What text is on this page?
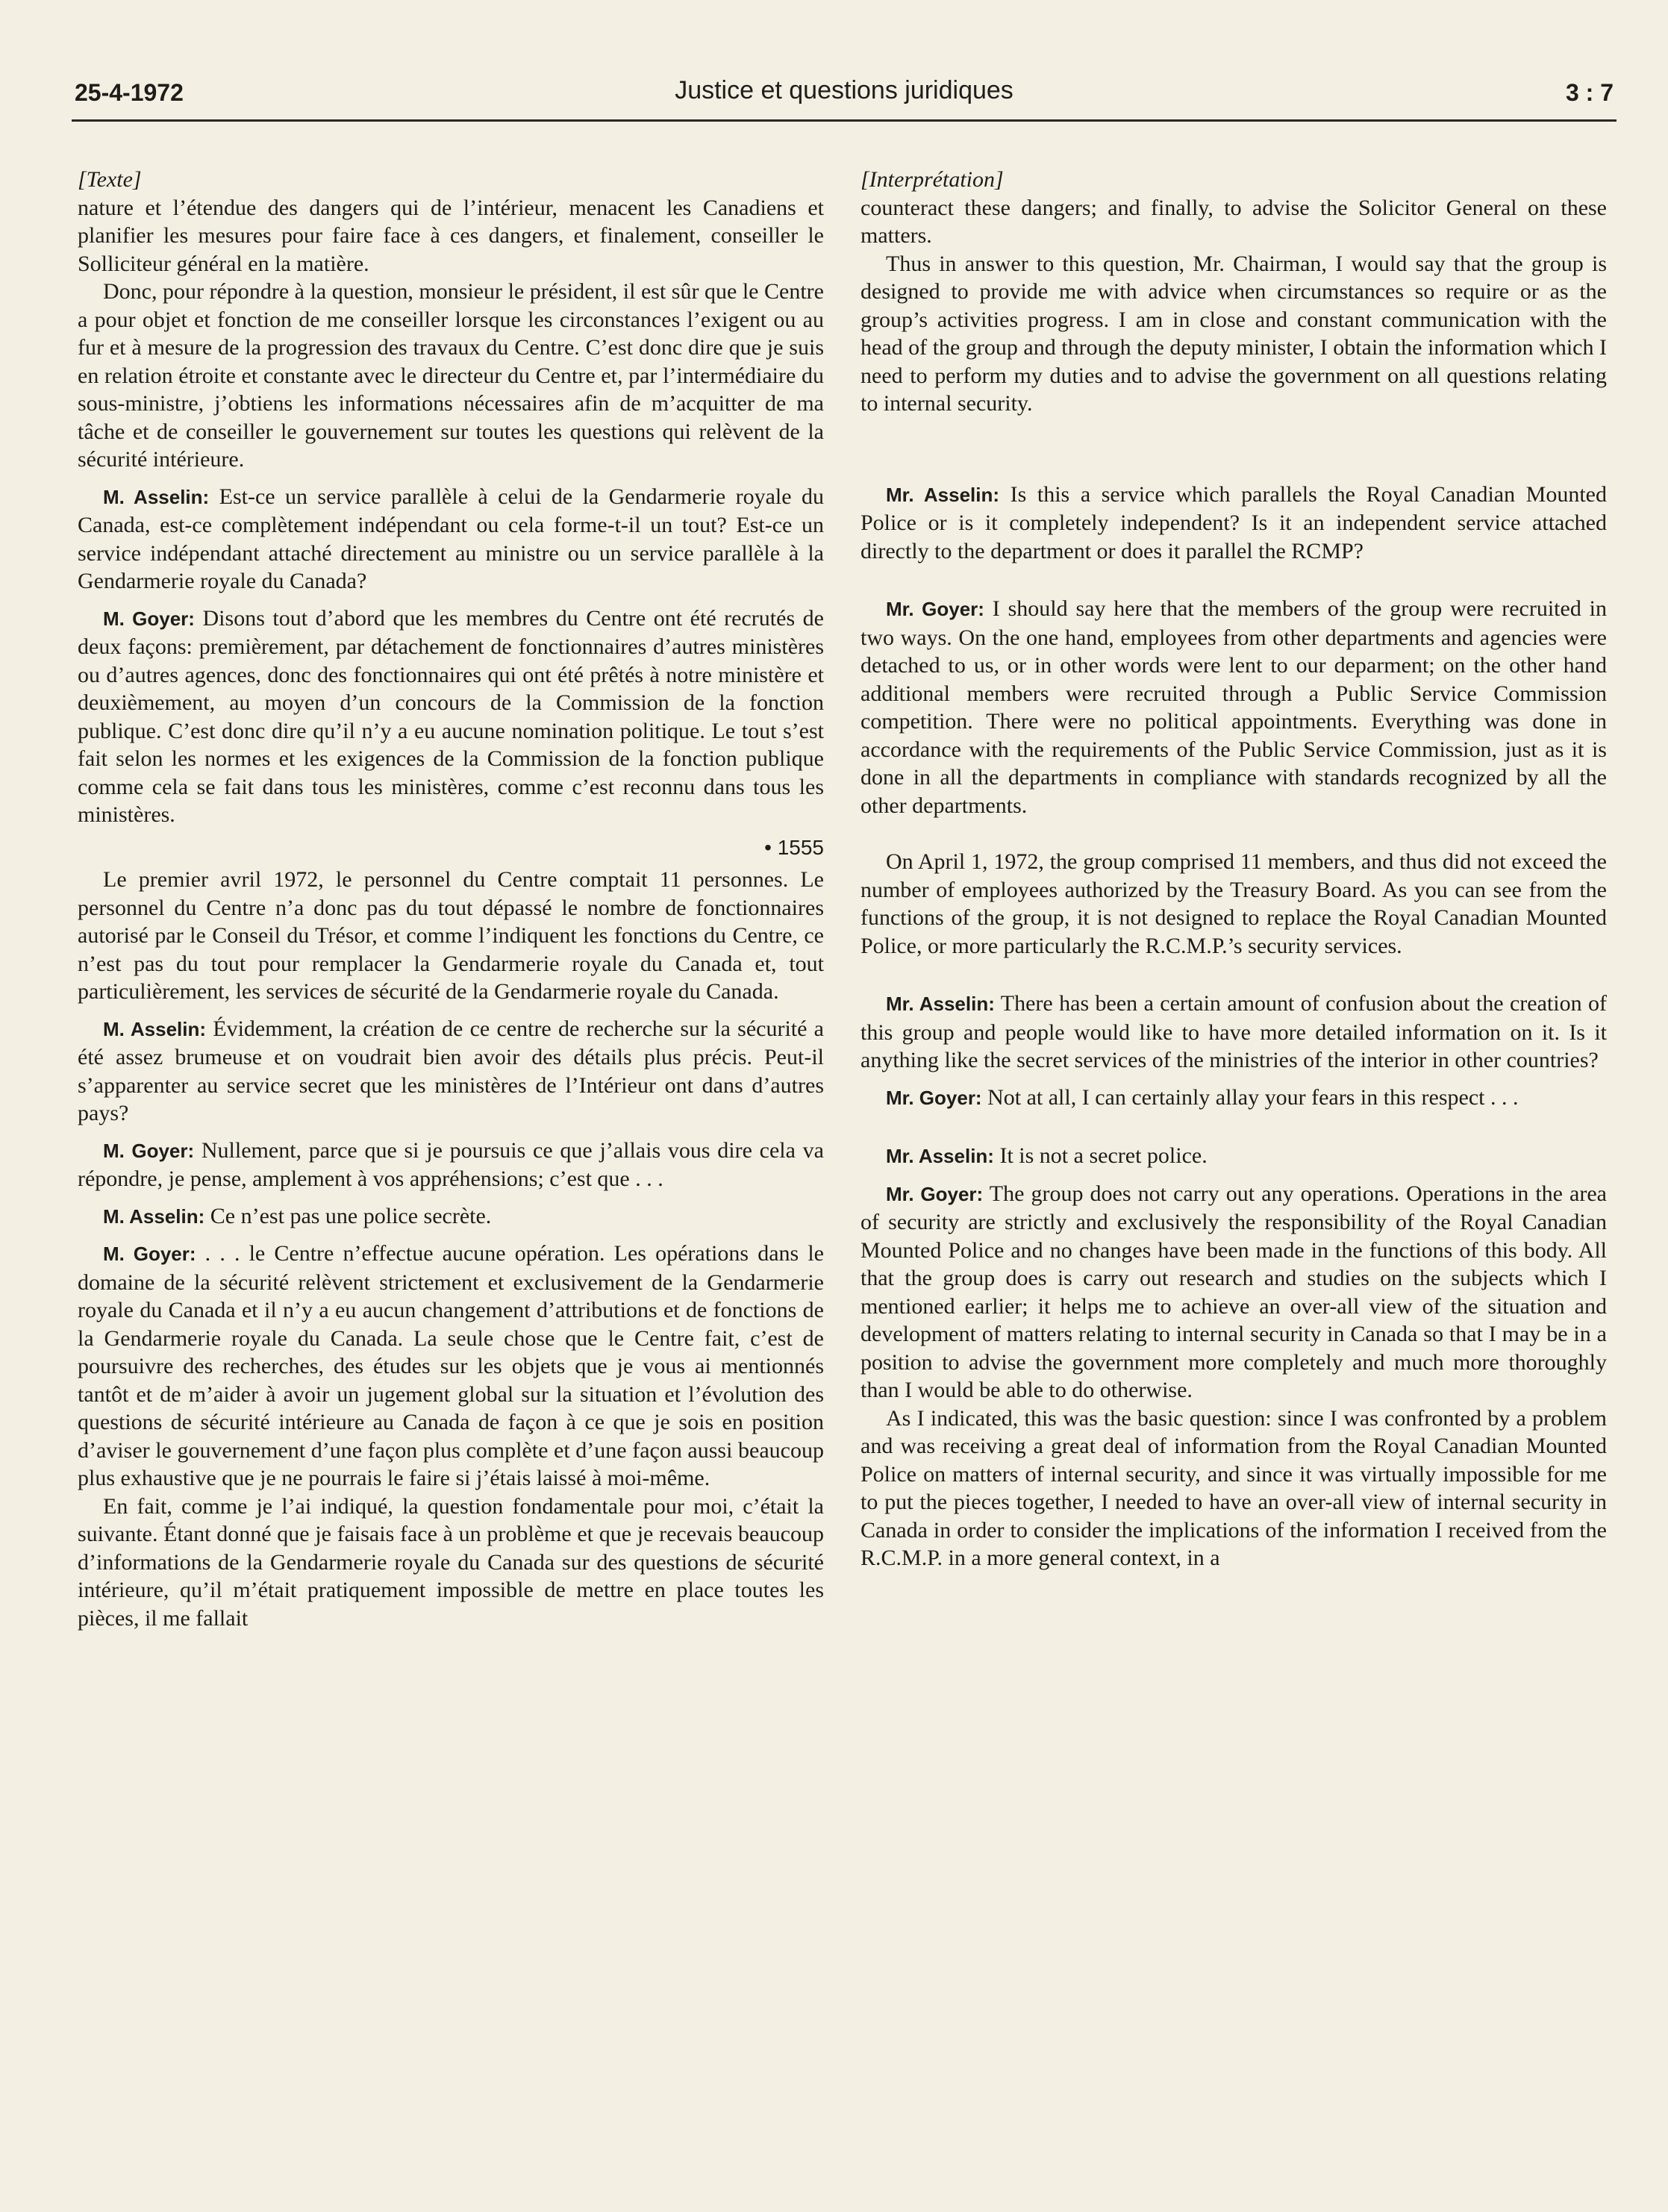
25-4-1972	Justice et questions juridiques	3 : 7
[Texte]

nature et l’étendue des dangers qui de l’intérieur, menacent les Canadiens et planifier les mesures pour faire face à ces dangers, et finalement, conseiller le Solliciteur général en la matière.

Donc, pour répondre à la question, monsieur le président, il est sûr que le Centre a pour objet et fonction de me conseiller lorsque les circonstances l’exigent ou au fur et à mesure de la progression des travaux du Centre. C’est donc dire que je suis en relation étroite et constante avec le directeur du Centre et, par l’intermédiaire du sous-ministre, j’obtiens les informations nécessaires afin de m’acquitter de ma tâche et de conseiller le gouvernement sur toutes les questions qui relèvent de la sécurité intérieure.

M. Asselin: Est-ce un service parallèle à celui de la Gendarmerie royale du Canada, est-ce complètement indépendant ou cela forme-t-il un tout? Est-ce un service indépendant attaché directement au ministre ou un service parallèle à la Gendarmerie royale du Canada?

M. Goyer: Disons tout d’abord que les membres du Centre ont été recrutés de deux façons: premièrement, par détachement de fonctionnaires d’autres ministères ou d’autres agences, donc des fonctionnaires qui ont été prêtés à notre ministère et deuxièmement, au moyen d’un concours de la Commission de la fonction publique. C’est donc dire qu’il n’y a eu aucune nomination politique. Le tout s’est fait selon les normes et les exigences de la Commission de la fonction publique comme cela se fait dans tous les ministères, comme c’est reconnu dans tous les ministères.

• 1555

Le premier avril 1972, le personnel du Centre comptait 11 personnes. Le personnel du Centre n’a donc pas du tout dépassé le nombre de fonctionnaires autorisé par le Conseil du Trésor, et comme l’indiquent les fonctions du Centre, ce n’est pas du tout pour remplacer la Gendarmerie royale du Canada et, tout particulièrement, les services de sécurité de la Gendarmerie royale du Canada.

M. Asselin: Évidemment, la création de ce centre de recherche sur la sécurité a été assez brumeuse et on voudrait bien avoir des détails plus précis. Peut-il s’apparenter au service secret que les ministères de l’Intérieur ont dans d’autres pays?

M. Goyer: Nullement, parce que si je poursuis ce que j’allais vous dire cela va répondre, je pense, amplement à vos appréhensions; c’est que . . .

M. Asselin: Ce n’est pas une police secrète.

M. Goyer: . . . le Centre n’effectue aucune opération. Les opérations dans le domaine de la sécurité relèvent strictement et exclusivement de la Gendarmerie royale du Canada et il n’y a eu aucun changement d’attributions et de fonctions de la Gendarmerie royale du Canada. La seule chose que le Centre fait, c’est de poursuivre des recherches, des études sur les objets que je vous ai mentionnés tantôt et de m’aider à avoir un jugement global sur la situation et l’évolution des questions de sécurité intérieure au Canada de façon à ce que je sois en position d’aviser le gouvernement d’une façon plus complète et d’une façon aussi beaucoup plus exhaustive que je ne pourrais le faire si j’étais laissé à moi-même.

En fait, comme je l’ai indiqué, la question fondamentale pour moi, c’était la suivante. Étant donné que je faisais face à un problème et que je recevais beaucoup d’informations de la Gendarmerie royale du Canada sur des questions de sécurité intérieure, qu’il m’était pratiquement impossible de mettre en place toutes les pièces, il me fallait

[Interprétation]

counteract these dangers; and finally, to advise the Solicitor General on these matters.

Thus in answer to this question, Mr. Chairman, I would say that the group is designed to provide me with advice when circumstances so require or as the group’s activities progress. I am in close and constant communication with the head of the group and through the deputy minister, I obtain the information which I need to perform my duties and to advise the government on all questions relating to internal security.

Mr. Asselin: Is this a service which parallels the Royal Canadian Mounted Police or is it completely independent? Is it an independent service attached directly to the department or does it parallel the RCMP?

Mr. Goyer: I should say here that the members of the group were recruited in two ways. On the one hand, employees from other departments and agencies were detached to us, or in other words were lent to our deparment; on the other hand additional members were recruited through a Public Service Commission competition. There were no political appointments. Everything was done in accordance with the requirements of the Public Service Commission, just as it is done in all the departments in compliance with standards recognized by all the other departments.

On April 1, 1972, the group comprised 11 members, and thus did not exceed the number of employees authorized by the Treasury Board. As you can see from the functions of the group, it is not designed to replace the Royal Canadian Mounted Police, or more particularly the R.C.M.P.’s security services.

Mr. Asselin: There has been a certain amount of confusion about the creation of this group and people would like to have more detailed information on it. Is it anything like the secret services of the ministries of the interior in other countries?

Mr. Goyer: Not at all, I can certainly allay your fears in this respect . . .

Mr. Asselin: It is not a secret police.

Mr. Goyer: The group does not carry out any operations. Operations in the area of security are strictly and exclusively the responsibility of the Royal Canadian Mounted Police and no changes have been made in the functions of this body. All that the group does is carry out research and studies on the subjects which I mentioned earlier; it helps me to achieve an over-all view of the situation and development of matters relating to internal security in Canada so that I may be in a position to advise the government more completely and much more thoroughly than I would be able to do otherwise.

As I indicated, this was the basic question: since I was confronted by a problem and was receiving a great deal of information from the Royal Canadian Mounted Police on matters of internal security, and since it was virtually impossible for me to put the pieces together, I needed to have an over-all view of internal security in Canada in order to consider the implications of the information I received from the R.C.M.P. in a more general context, in a
